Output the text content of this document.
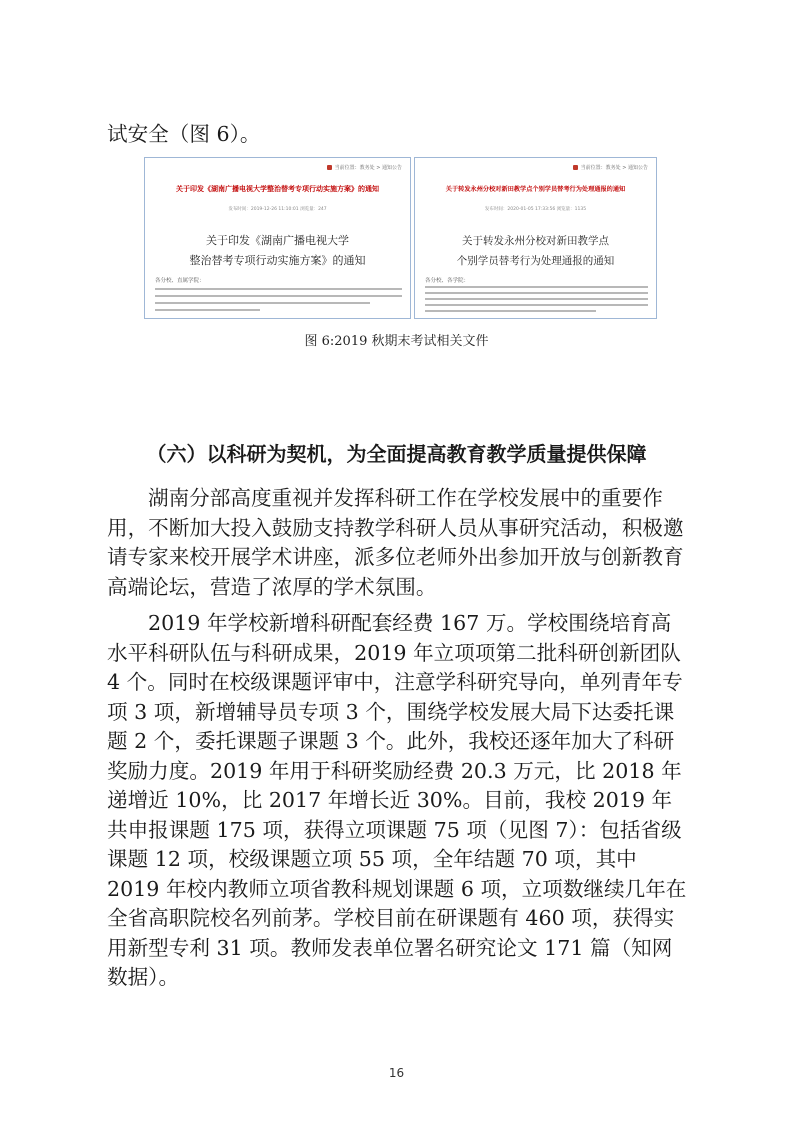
试安全（图 6）。

当前位置：教务处 > 通知公告
关于印发《湖南广播电视大学整治替考专项行动实施方案》的通知
发布时间：2019-12-26 11:10:01 浏览量：247
关于印发《湖南广播电视大学
整治替考专项行动实施方案》的通知
各分校、直属学院：
当前位置：教务处 > 通知公告
关于转发永州分校对新田教学点个别学员替考行为处理通报的通知
发布时间：2020-01-05 17:33:56 浏览量：1135
关于转发永州分校对新田教学点
个别学员替考行为处理通报的通知
各分校、各学院：
图 6:2019 秋期末考试相关文件
（六）以科研为契机，为全面提高教育教学质量提供保障

湖南分部高度重视并发挥科研工作在学校发展中的重要作用，不断加大投入鼓励支持教学科研人员从事研究活动，积极邀请专家来校开展学术讲座，派多位老师外出参加开放与创新教育高端论坛，营造了浓厚的学术氛围。

2019 年学校新增科研配套经费 167 万。学校围绕培育高水平科研队伍与科研成果，2019 年立项项第二批科研创新团队 4 个。同时在校级课题评审中，注意学科研究导向，单列青年专项 3 项，新增辅导员专项 3 个，围绕学校发展大局下达委托课题 2 个，委托课题子课题 3 个。此外，我校还逐年加大了科研奖励力度。2019 年用于科研奖励经费 20.3 万元，比 2018 年递增近 10%，比 2017 年增长近 30%。目前，我校 2019 年共申报课题 175 项，获得立项课题 75 项（见图 7）：包括省级课题 12 项，校级课题立项 55 项，全年结题 70 项，其中 2019 年校内教师立项省教科规划课题 6 项，立项数继续几年在全省高职院校名列前茅。学校目前在研课题有 460 项，获得实用新型专利 31 项。教师发表单位署名研究论文 171 篇（知网数据）。

16
